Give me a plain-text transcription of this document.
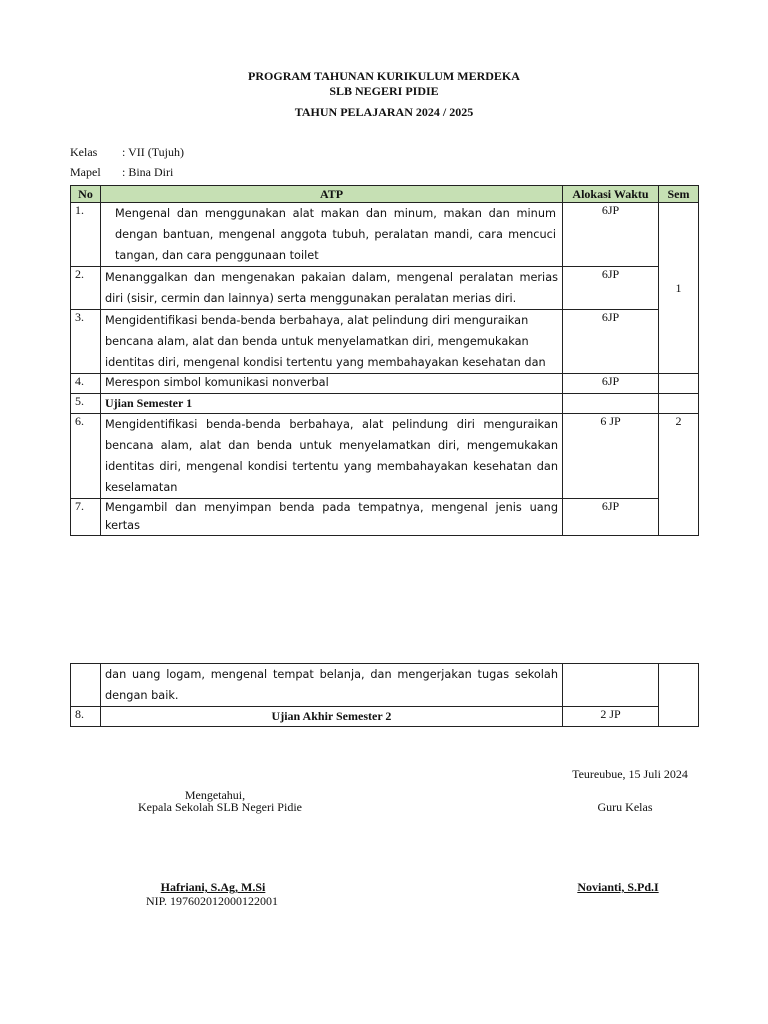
PROGRAM TAHUNAN KURIKULUM MERDEKA
SLB NEGERI PIDIE
TAHUN PELAJARAN 2024 / 2025
Kelas : VII (Tujuh)
Mapel : Bina Diri
No	ATP	Alokasi Waktu	Sem
1.	Mengenal dan menggunakan alat makan dan minum, makan dan minum dengan bantuan, mengenal anggota tubuh, peralatan mandi, cara mencuci tangan, dan cara penggunaan toilet	6JP	1
2.	Menanggalkan dan mengenakan pakaian dalam, mengenal peralatan merias diri (sisir, cermin dan lainnya) serta menggunakan peralatan merias diri.	6JP	
3.	Mengidentifikasi benda-benda berbahaya, alat pelindung diri menguraikan bencana alam, alat dan benda untuk menyelamatkan diri, mengemukakan identitas diri, mengenal kondisi tertentu yang membahayakan kesehatan dan	6JP	
4.	Merespon simbol komunikasi nonverbal	6JP	
5.	Ujian Semester 1		
6.	Mengidentifikasi benda-benda berbahaya, alat pelindung diri menguraikan bencana alam, alat dan benda untuk menyelamatkan diri, mengemukakan identitas diri, mengenal kondisi tertentu yang membahayakan kesehatan dan keselamatan	6 JP	2
7.	Mengambil dan menyimpan benda pada tempatnya, mengenal jenis uang kertas	6JP	
	dan uang logam, mengenal tempat belanja, dan mengerjakan tugas sekolah dengan baik.		
8.	Ujian Akhir Semester 2	2 JP	
Teureubue, 15 Juli 2024
Mengetahui,
Kepala Sekolah SLB Negeri Pidie	Guru Kelas
Hafriani, S.Ag, M.Si
NIP. 197602012000122001
Novianti, S.Pd.I
